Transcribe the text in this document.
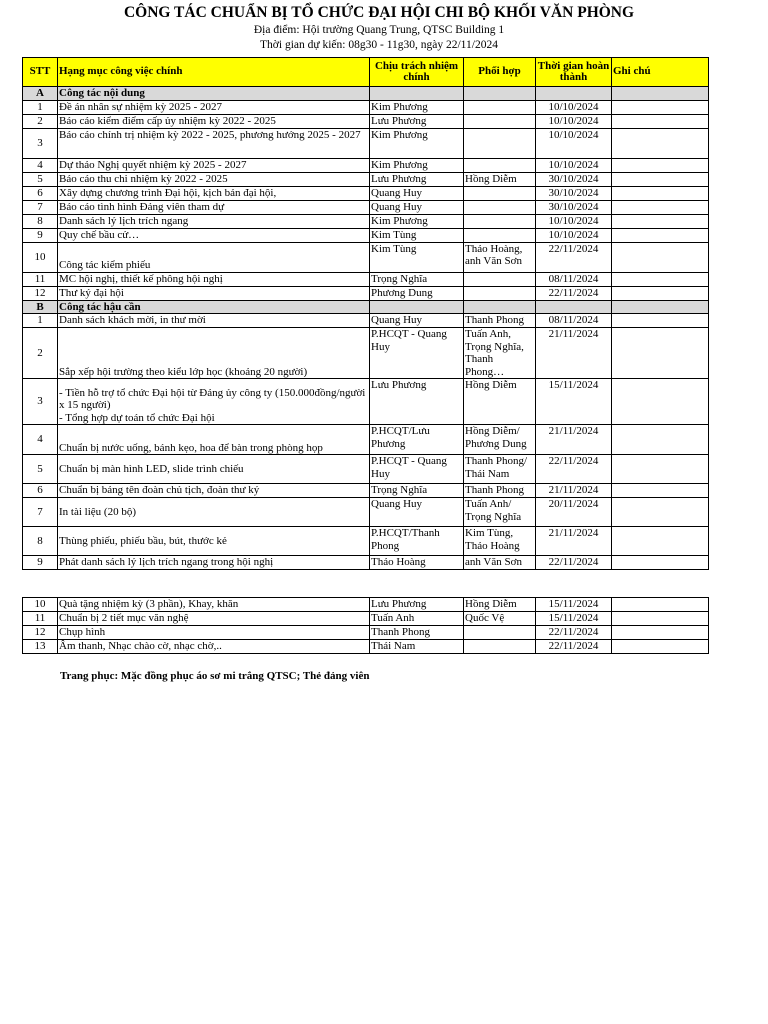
CÔNG TÁC CHUẨN BỊ TỔ CHỨC ĐẠI HỘI CHI BỘ KHỐI VĂN PHÒNG
Địa điểm: Hội trường Quang Trung, QTSC Building 1
Thời gian dự kiến: 08g30 - 11g30, ngày 22/11/2024
STT	Hạng mục công việc chính	Chịu trách nhiệm chính	Phối hợp	Thời gian hoàn thành	Ghi chú
A	Công tác nội dung				
1	Đề án nhân sự nhiệm kỳ 2025 - 2027	Kim Phương		10/10/2024	
2	Báo cáo kiểm điểm cấp ủy nhiệm kỳ 2022 - 2025	Lưu Phương		10/10/2024	
3	Báo cáo chính trị nhiệm kỳ 2022 - 2025, phương hướng 2025 - 2027	Kim Phương		10/10/2024	
4	Dự thảo Nghị quyết nhiệm kỳ 2025 - 2027	Kim Phương		10/10/2024	
5	Báo cáo thu chi nhiệm kỳ 2022 - 2025	Lưu Phương	Hồng Diễm	30/10/2024	
6	Xây dựng chương trình Đại hội, kịch bản đại hội,	Quang Huy		30/10/2024	
7	Báo cáo tình hình Đảng viên tham dự	Quang Huy		30/10/2024	
8	Danh sách lý lịch trích ngang	Kim Phương		10/10/2024	
9	Quy chế bầu cử…	Kim Tùng		10/10/2024	
10	Công tác kiểm phiếu	Kim Tùng	Thảo Hoàng, anh Văn Sơn	22/11/2024	
11	MC hội nghị, thiết kế phông hội nghị	Trọng Nghĩa		08/11/2024	
12	Thư ký đại hội	Phương Dung		22/11/2024	
B	Công tác hậu cần				
1	Danh sách khách mời, in thư mời	Quang Huy	Thanh Phong	08/11/2024	
2	Sắp xếp hội trường theo kiểu lớp học (khoảng 20 người)	P.HCQT - Quang Huy	Tuấn Anh, Trọng Nghĩa, Thanh Phong…	21/11/2024	
3	- Tiền hỗ trợ tổ chức Đại hội từ Đảng ủy công ty (150.000đồng/người x 15 người)
- Tổng hợp dự toán tổ chức Đại hội	Lưu Phương	Hồng Diễm	15/11/2024	
4	Chuẩn bị nước uống, bánh kẹo, hoa để bàn trong phòng họp	P.HCQT/Lưu Phương	Hồng Diễm/ Phương Dung	21/11/2024	
5	Chuẩn bị màn hình LED, slide trình chiếu	P.HCQT - Quang Huy	Thanh Phong/ Thái Nam	22/11/2024	
6	Chuẩn bị bảng tên đoàn chủ tịch, đoàn thư ký	Trọng Nghĩa	Thanh Phong	21/11/2024	
7	In tài liệu (20 bộ)	Quang Huy	Tuấn Anh/ Trọng Nghĩa	20/11/2024	
8	Thùng phiếu, phiếu bầu, bút, thước kẻ	P.HCQT/Thanh Phong	Kim Tùng, Thảo Hoàng	21/11/2024	
9	Phát danh sách lý lịch trích ngang trong hội nghị	Thảo Hoàng	anh Văn Sơn	22/11/2024	
10	Quà tặng nhiệm kỳ (3 phần), Khay, khăn	Lưu Phương	Hồng Diễm	15/11/2024	
11	Chuẩn bị 2 tiết mục văn nghệ	Tuấn Anh	Quốc Vệ	15/11/2024	
12	Chụp hình	Thanh Phong		22/11/2024	
13	Âm thanh, Nhạc chào cờ, nhạc chờ,..	Thái Nam		22/11/2024	
Trang phục: Mặc đồng phục áo sơ mi trắng QTSC; Thẻ đảng viên
